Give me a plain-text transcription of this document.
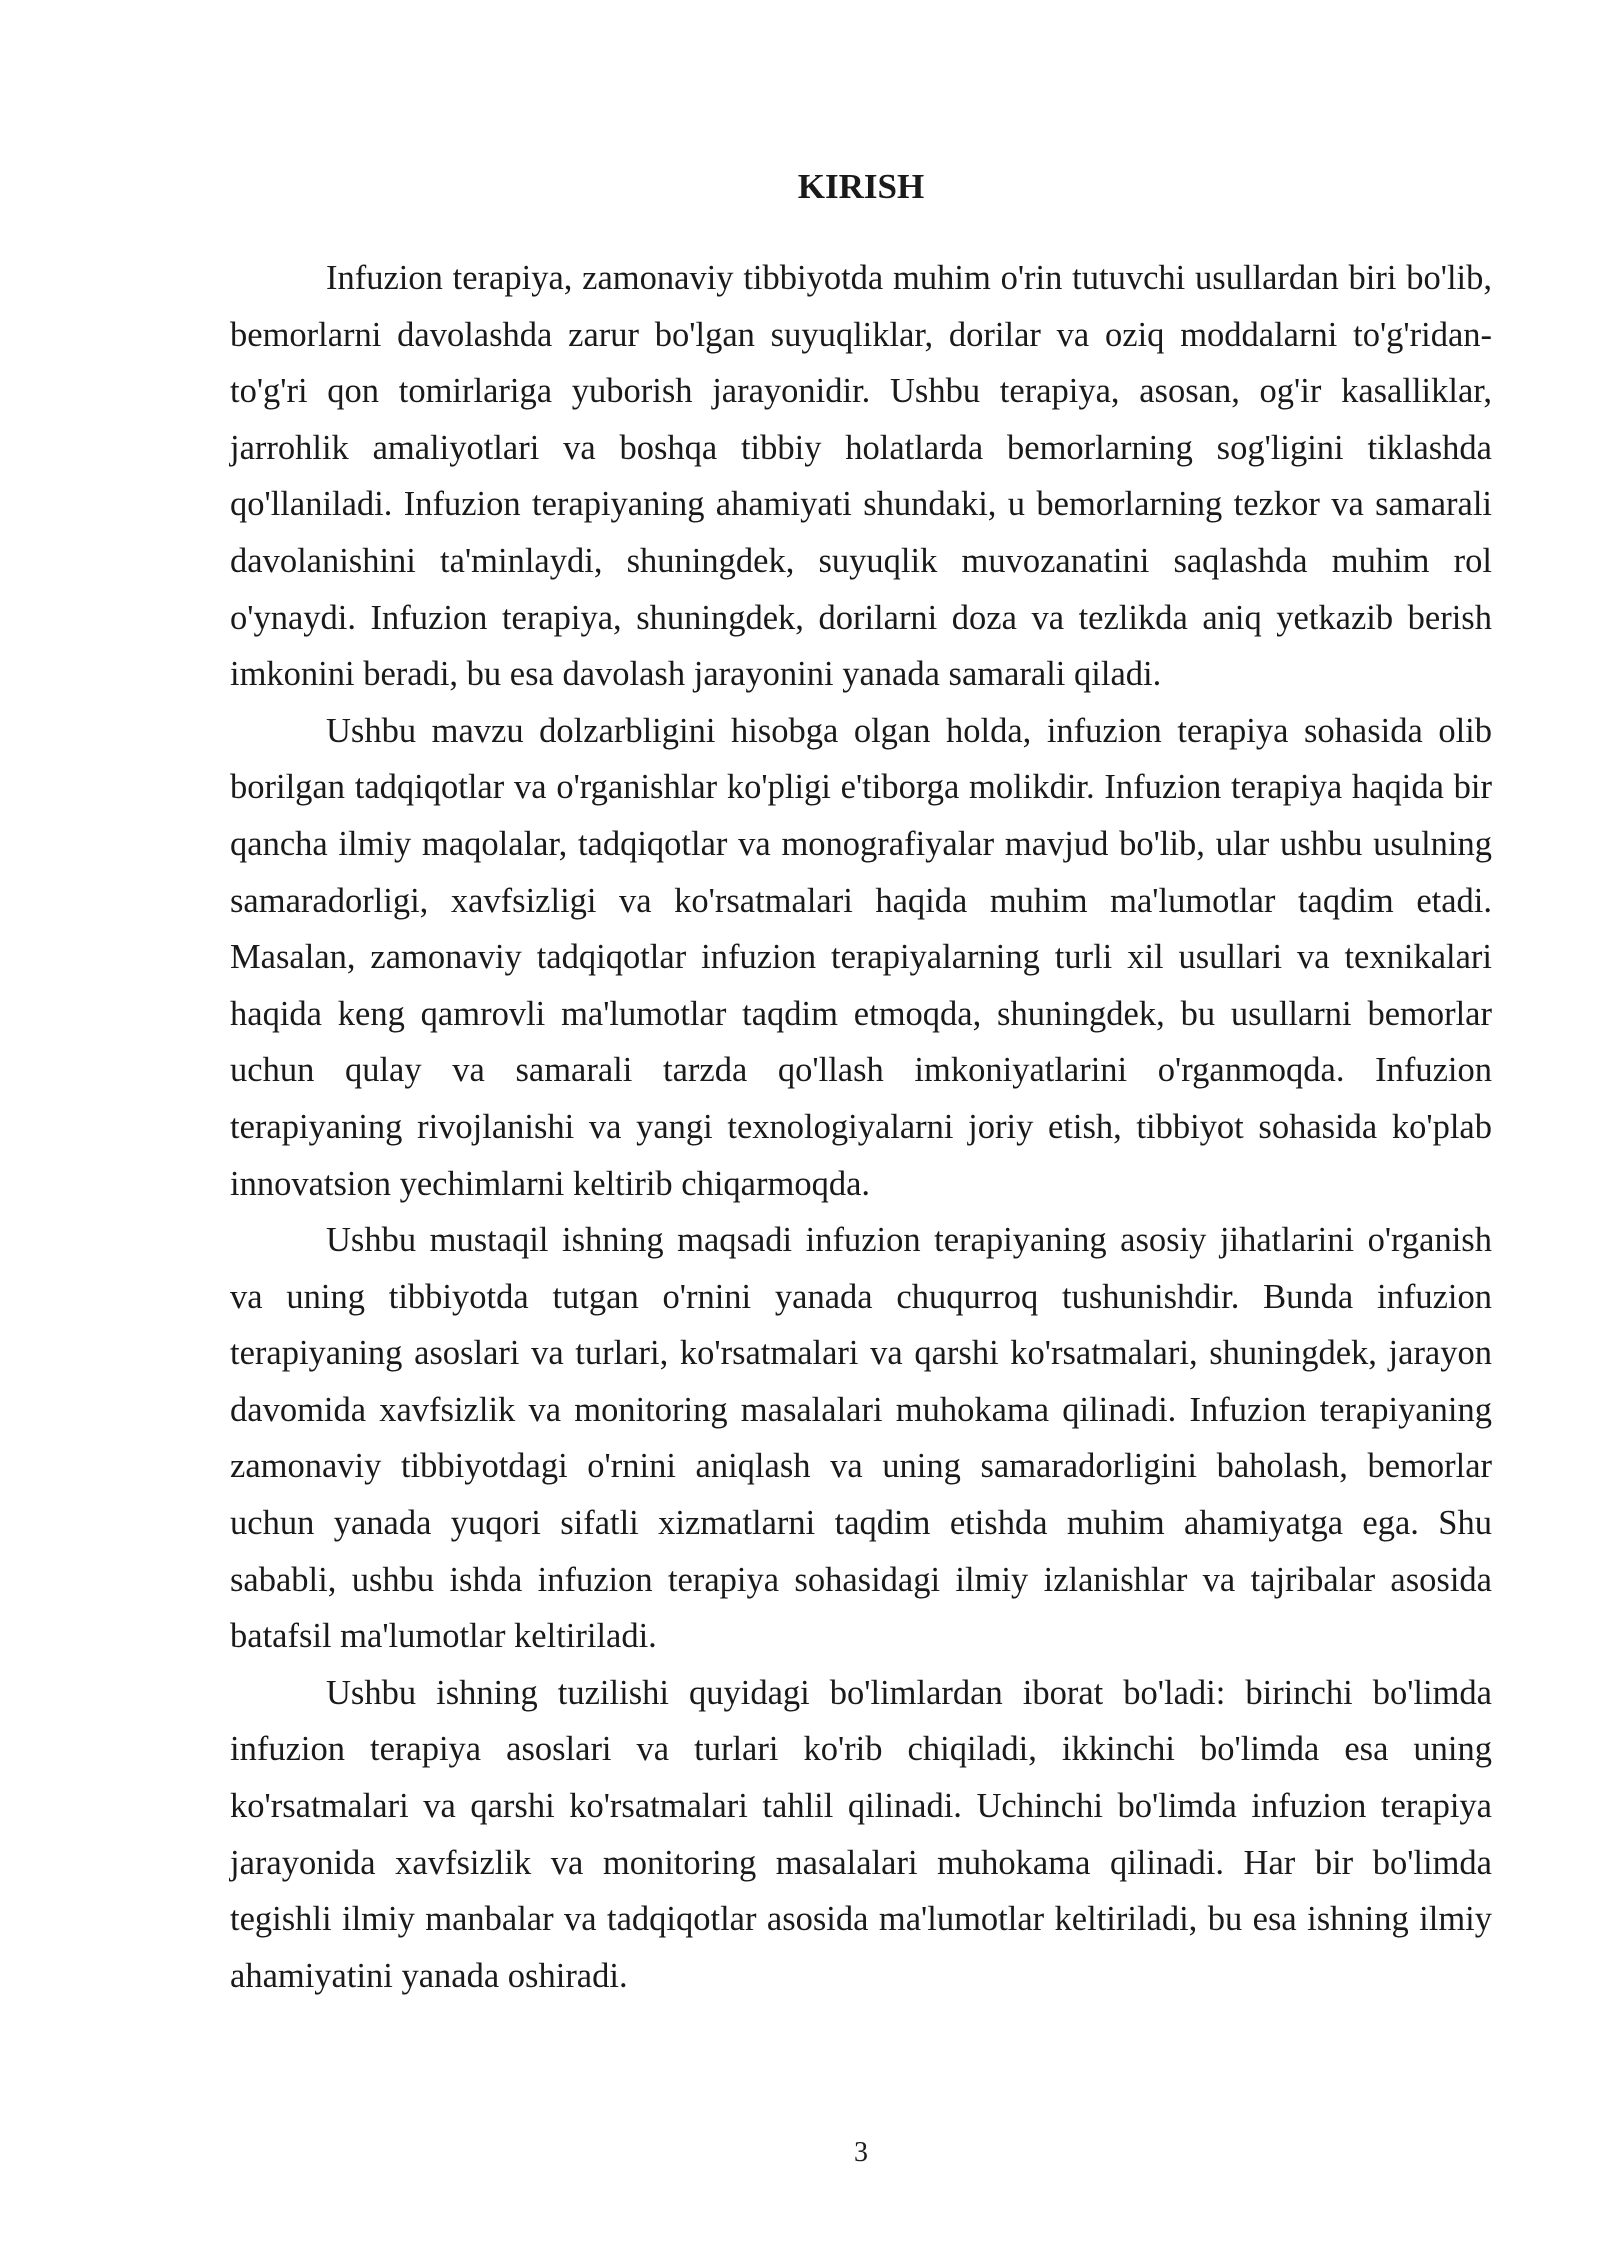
KIRISH

Infuzion terapiya, zamonaviy tibbiyotda muhim o'rin tutuvchi usullardan biri bo'lib, bemorlarni davolashda zarur bo'lgan suyuqliklar, dorilar va oziq moddalarni to'g'ridan-to'g'ri qon tomirlariga yuborish jarayonidir. Ushbu terapiya, asosan, og'ir kasalliklar, jarrohlik amaliyotlari va boshqa tibbiy holatlarda bemorlarning sog'ligini tiklashda qo'llaniladi. Infuzion terapiyaning ahamiyati shundaki, u bemorlarning tezkor va samarali davolanishini ta'minlaydi, shuningdek, suyuqlik muvozanatini saqlashda muhim rol o'ynaydi. Infuzion terapiya, shuningdek, dorilarni doza va tezlikda aniq yetkazib berish imkonini beradi, bu esa davolash jarayonini yanada samarali qiladi.

Ushbu mavzu dolzarbligini hisobga olgan holda, infuzion terapiya sohasida olib borilgan tadqiqotlar va o'rganishlar ko'pligi e'tiborga molikdir. Infuzion terapiya haqida bir qancha ilmiy maqolalar, tadqiqotlar va monografiyalar mavjud bo'lib, ular ushbu usulning samaradorligi, xavfsizligi va ko'rsatmalari haqida muhim ma'lumotlar taqdim etadi. Masalan, zamonaviy tadqiqotlar infuzion terapiyalarning turli xil usullari va texnikalari haqida keng qamrovli ma'lumotlar taqdim etmoqda, shuningdek, bu usullarni bemorlar uchun qulay va samarali tarzda qo'llash imkoniyatlarini o'rganmoqda. Infuzion terapiyaning rivojlanishi va yangi texnologiyalarni joriy etish, tibbiyot sohasida ko'plab innovatsion yechimlarni keltirib chiqarmoqda.

Ushbu mustaqil ishning maqsadi infuzion terapiyaning asosiy jihatlarini o'rganish va uning tibbiyotda tutgan o'rnini yanada chuqurroq tushunishdir. Bunda infuzion terapiyaning asoslari va turlari, ko'rsatmalari va qarshi ko'rsatmalari, shuningdek, jarayon davomida xavfsizlik va monitoring masalalari muhokama qilinadi. Infuzion terapiyaning zamonaviy tibbiyotdagi o'rnini aniqlash va uning samaradorligini baholash, bemorlar uchun yanada yuqori sifatli xizmatlarni taqdim etishda muhim ahamiyatga ega. Shu sababli, ushbu ishda infuzion terapiya sohasidagi ilmiy izlanishlar va tajribalar asosida batafsil ma'lumotlar keltiriladi.

Ushbu ishning tuzilishi quyidagi bo'limlardan iborat bo'ladi: birinchi bo'limda infuzion terapiya asoslari va turlari ko'rib chiqiladi, ikkinchi bo'limda esa uning ko'rsatmalari va qarshi ko'rsatmalari tahlil qilinadi. Uchinchi bo'limda infuzion terapiya jarayonida xavfsizlik va monitoring masalalari muhokama qilinadi. Har bir bo'limda tegishli ilmiy manbalar va tadqiqotlar asosida ma'lumotlar keltiriladi, bu esa ishning ilmiy ahamiyatini yanada oshiradi.

3
